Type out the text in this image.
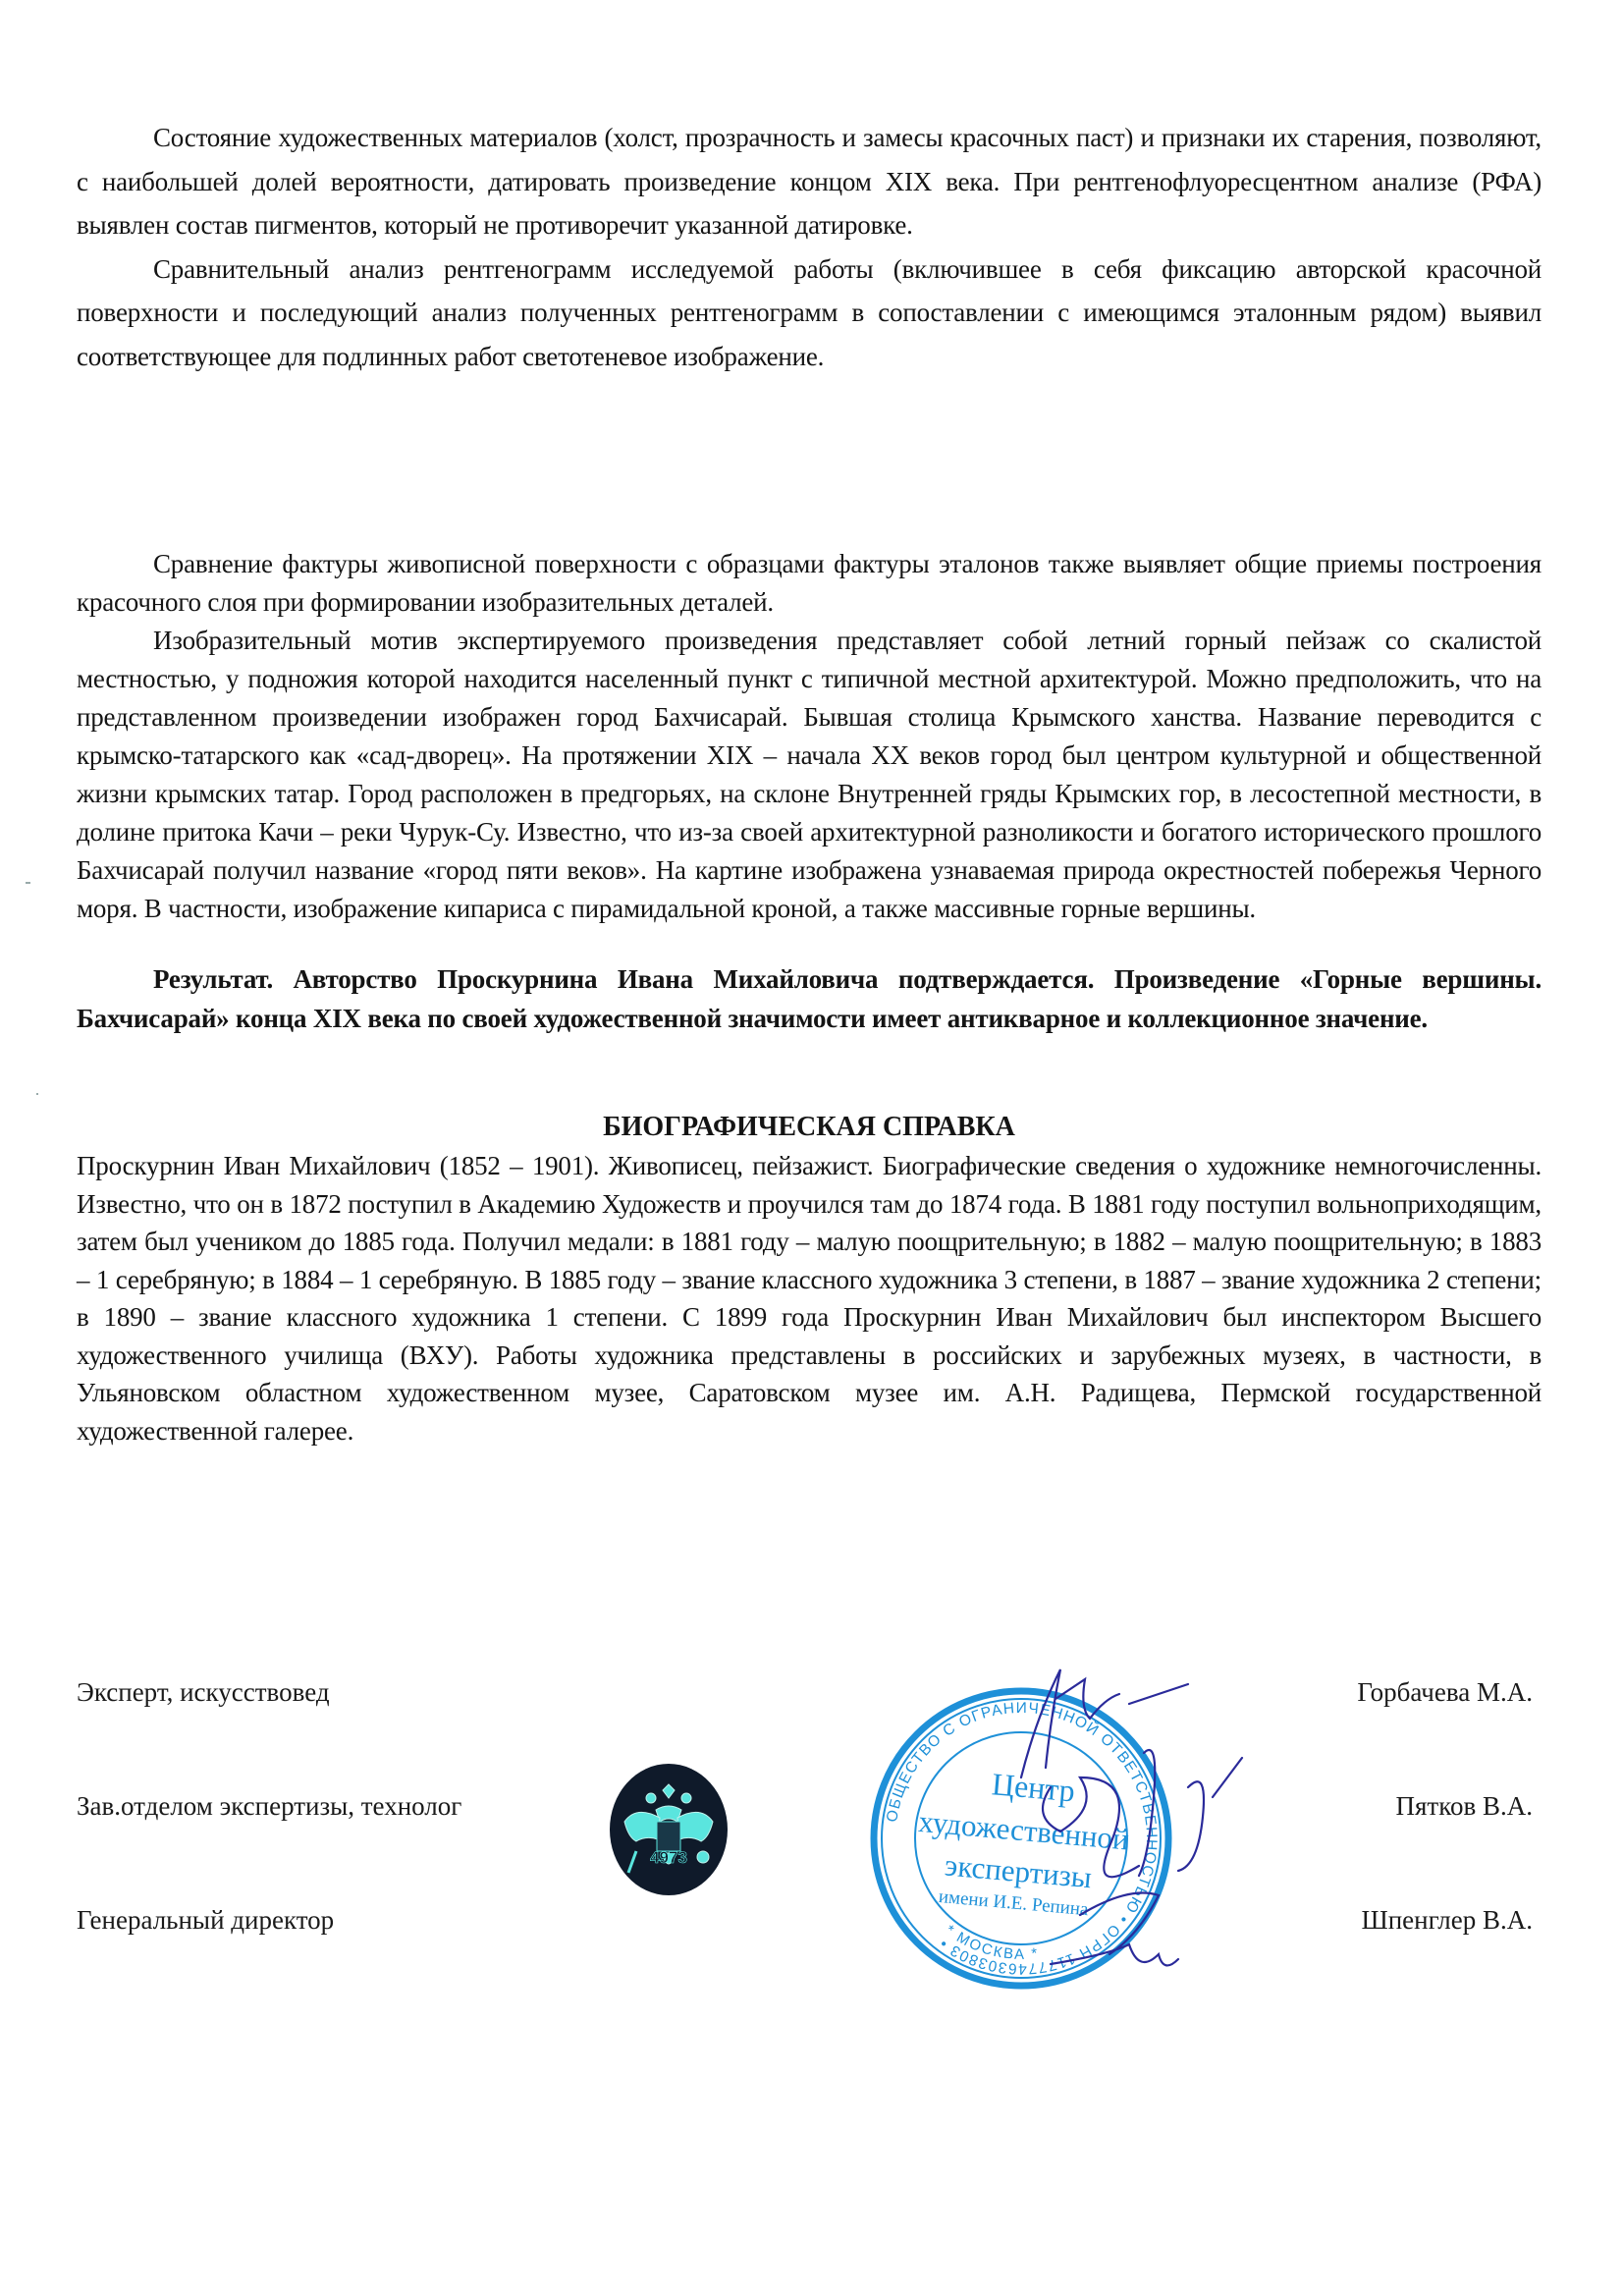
Состояние художественных материалов (холст, прозрачность и замесы красочных паст) и признаки их старения, позволяют, с наибольшей долей вероятности, датировать произведение концом XIX века. При рентгенофлуоресцентном анализе (РФА) выявлен состав пигментов, который не противоречит указанной датировке.

Сравнительный анализ рентгенограмм исследуемой работы (включившее в себя фиксацию авторской красочной поверхности и последующий анализ полученных рентгенограмм в сопоставлении с имеющимся эталонным рядом) выявил соответствующее для подлинных работ светотеневое изображение.

Сравнение фактуры живописной поверхности с образцами фактуры эталонов также выявляет общие приемы построения красочного слоя при формировании изобразительных деталей.

Изобразительный мотив экспертируемого произведения представляет собой летний горный пейзаж со скалистой местностью, у подножия которой находится населенный пункт с типичной местной архитектурой. Можно предположить, что на представленном произведении изображен город Бахчисарай. Бывшая столица Крымского ханства. Название переводится с крымско-татарского как «сад-дворец». На протяжении XIX – начала XX веков город был центром культурной и общественной жизни крымских татар. Город расположен в предгорьях, на склоне Внутренней гряды Крымских гор, в лесостепной местности, в долине притока Качи – реки Чурук-Су. Известно, что из-за своей архитектурной разноликости и богатого исторического прошлого Бахчисарай получил название «город пяти веков». На картине изображена узнаваемая природа окрестностей побережья Черного моря. В частности, изображение кипариса с пирамидальной кроной, а также массивные горные вершины.

Результат. Авторство Проскурнина Ивана Михайловича подтверждается. Произведение «Горные вершины. Бахчисарай» конца XIX века по своей художественной значимости имеет антикварное и коллекционное значение.

БИОГРАФИЧЕСКАЯ СПРАВКА

Проскурнин Иван Михайлович (1852 – 1901). Живописец, пейзажист. Биографические сведения о художнике немногочисленны. Известно, что он в 1872 поступил в Академию Художеств и проучился там до 1874 года. В 1881 году поступил вольноприходящим, затем был учеником до 1885 года. Получил медали: в 1881 году – малую поощрительную; в 1882 – малую поощрительную; в 1883 – 1 серебряную; в 1884 – 1 серебряную. В 1885 году – звание классного художника 3 степени, в 1887 – звание художника 2 степени; в 1890 – звание классного художника 1 степени. С 1899 года Проскурнин Иван Михайлович был инспектором Высшего художественного училища (ВХУ). Работы художника представлены в российских и зарубежных музеях, в частности, в Ульяновском областном художественном музее, Саратовском музее им. А.Н. Радищева, Пермской государственной художественной галерее.

Эксперт, искусствовед
Зав.отделом экспертизы, технолог
Генеральный директор
Горбачева М.А.
Пятков В.А.
Шпенглер В.А.
4973
ОБЩЕСТВО С ОГРАНИЧЕННОЙ ОТВЕТСТВЕННОСТЬЮ • ОГРН 1177746303803 •
* МОСКВА *
Центр
художественной
экспертизы
имени И.Е. Репина
